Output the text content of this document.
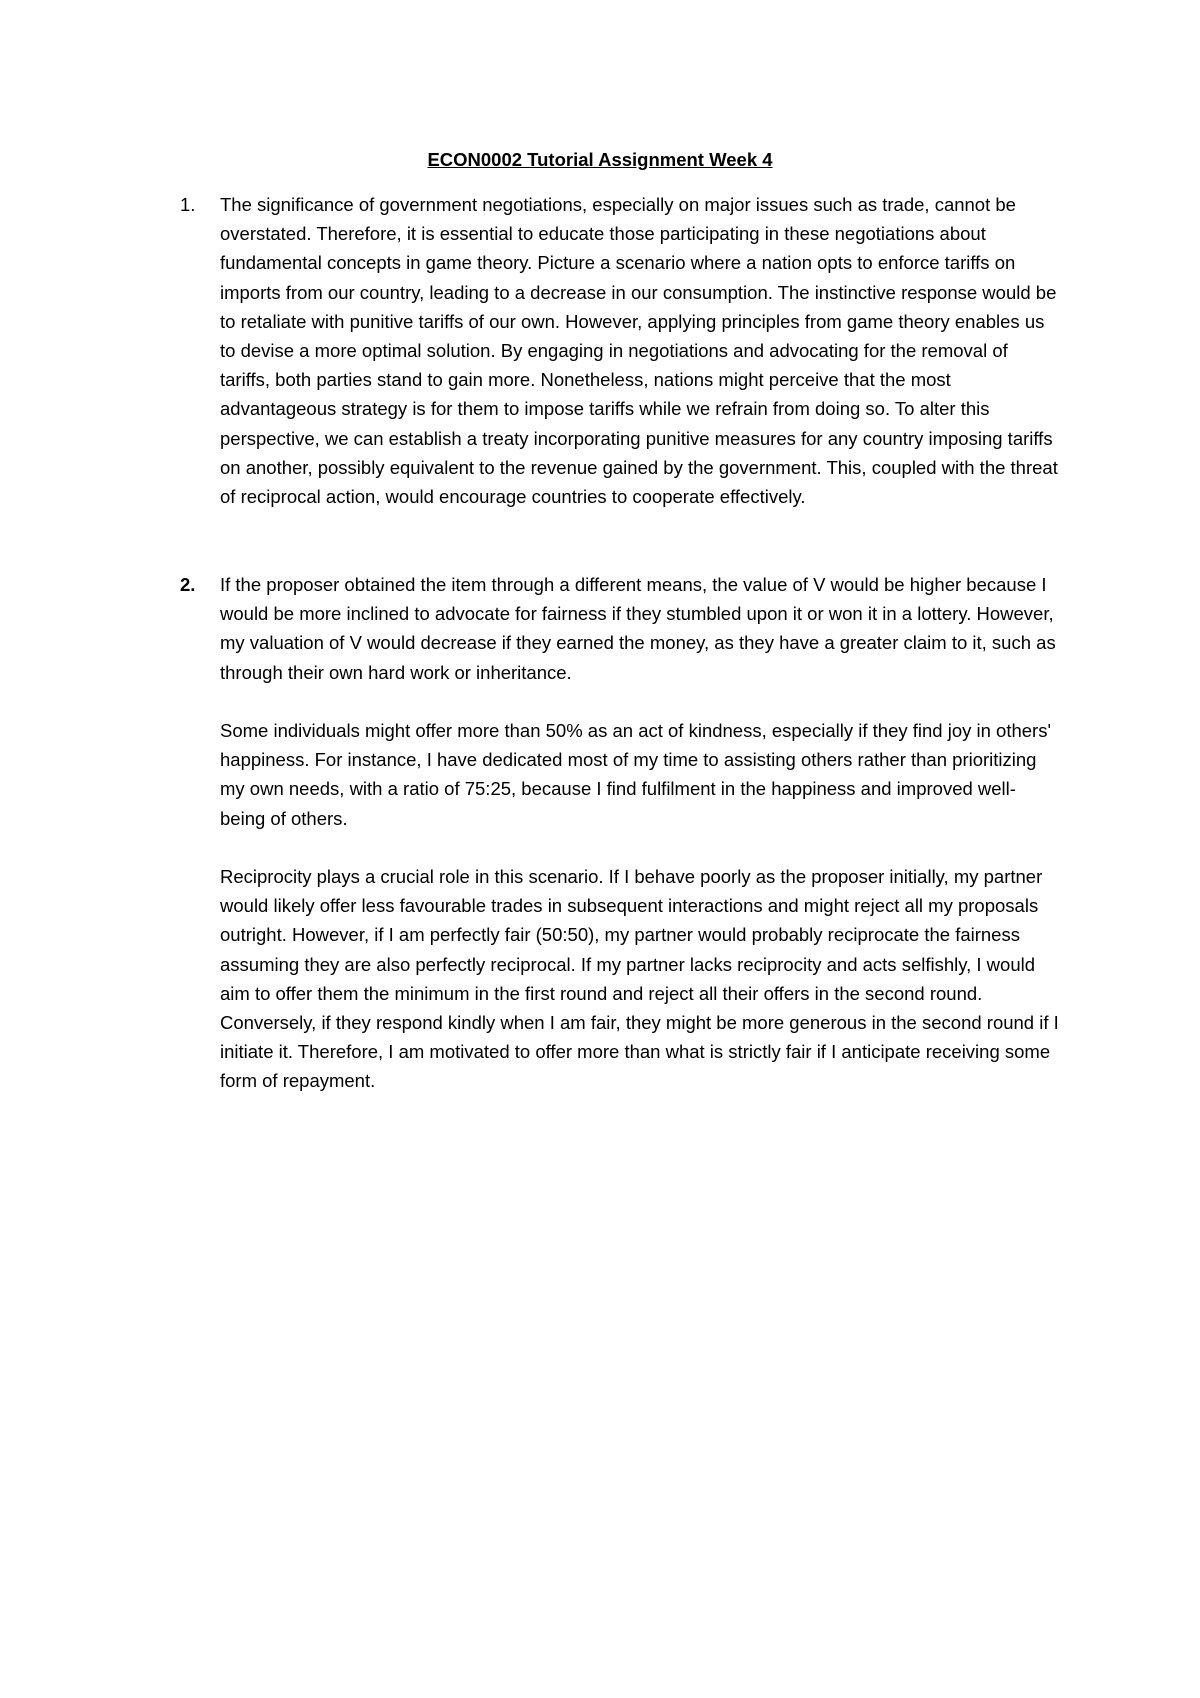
ECON0002 Tutorial Assignment Week 4
1.	The significance of government negotiations, especially on major issues such as trade, cannot be overstated. Therefore, it is essential to educate those participating in these negotiations about fundamental concepts in game theory. Picture a scenario where a nation opts to enforce tariffs on imports from our country, leading to a decrease in our consumption. The instinctive response would be to retaliate with punitive tariffs of our own. However, applying principles from game theory enables us to devise a more optimal solution. By engaging in negotiations and advocating for the removal of tariffs, both parties stand to gain more. Nonetheless, nations might perceive that the most advantageous strategy is for them to impose tariffs while we refrain from doing so. To alter this perspective, we can establish a treaty incorporating punitive measures for any country imposing tariffs on another, possibly equivalent to the revenue gained by the government. This, coupled with the threat of reciprocal action, would encourage countries to cooperate effectively.

2.	If the proposer obtained the item through a different means, the value of V would be higher because I would be more inclined to advocate for fairness if they stumbled upon it or won it in a lottery. However, my valuation of V would decrease if they earned the money, as they have a greater claim to it, such as through their own hard work or inheritance.

Some individuals might offer more than 50% as an act of kindness, especially if they find joy in others' happiness. For instance, I have dedicated most of my time to assisting others rather than prioritizing my own needs, with a ratio of 75:25, because I find fulfilment in the happiness and improved well-being of others.

Reciprocity plays a crucial role in this scenario. If I behave poorly as the proposer initially, my partner would likely offer less favourable trades in subsequent interactions and might reject all my proposals outright. However, if I am perfectly fair (50:50), my partner would probably reciprocate the fairness assuming they are also perfectly reciprocal. If my partner lacks reciprocity and acts selfishly, I would aim to offer them the minimum in the first round and reject all their offers in the second round. Conversely, if they respond kindly when I am fair, they might be more generous in the second round if I initiate it. Therefore, I am motivated to offer more than what is strictly fair if I anticipate receiving some form of repayment.
